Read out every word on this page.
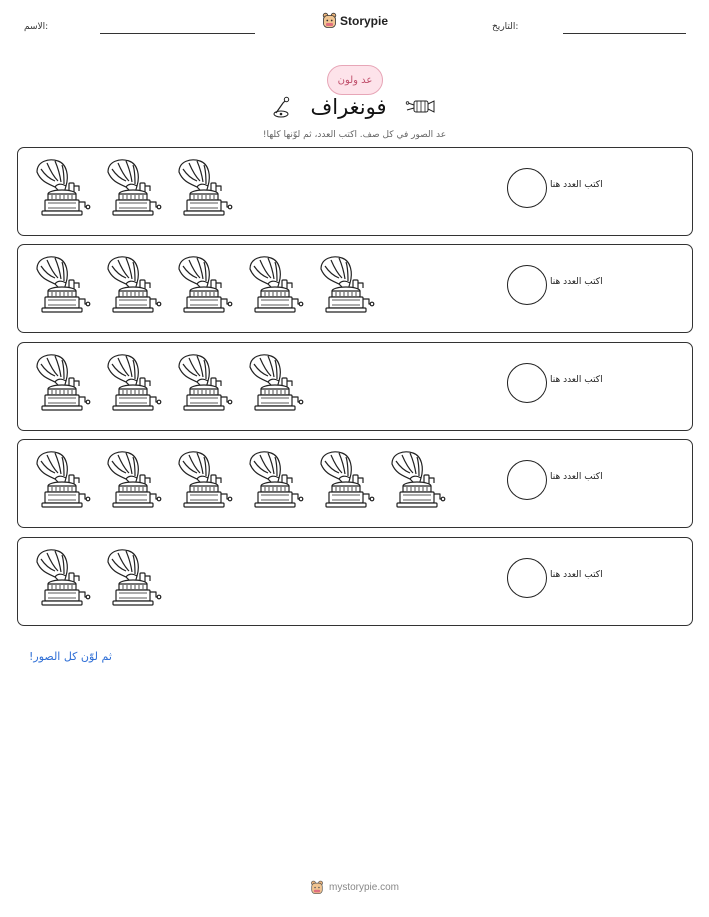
الاسم:	Storypie	التاريخ:
عد ولون
فونغراف
عد الصور في كل صف. اكتب العدد، ثم لوّنها كلها!
اكتب العدد هنا
اكتب العدد هنا
اكتب العدد هنا
اكتب العدد هنا
اكتب العدد هنا
ثم لوّن كل الصور!
mystorypie.com
